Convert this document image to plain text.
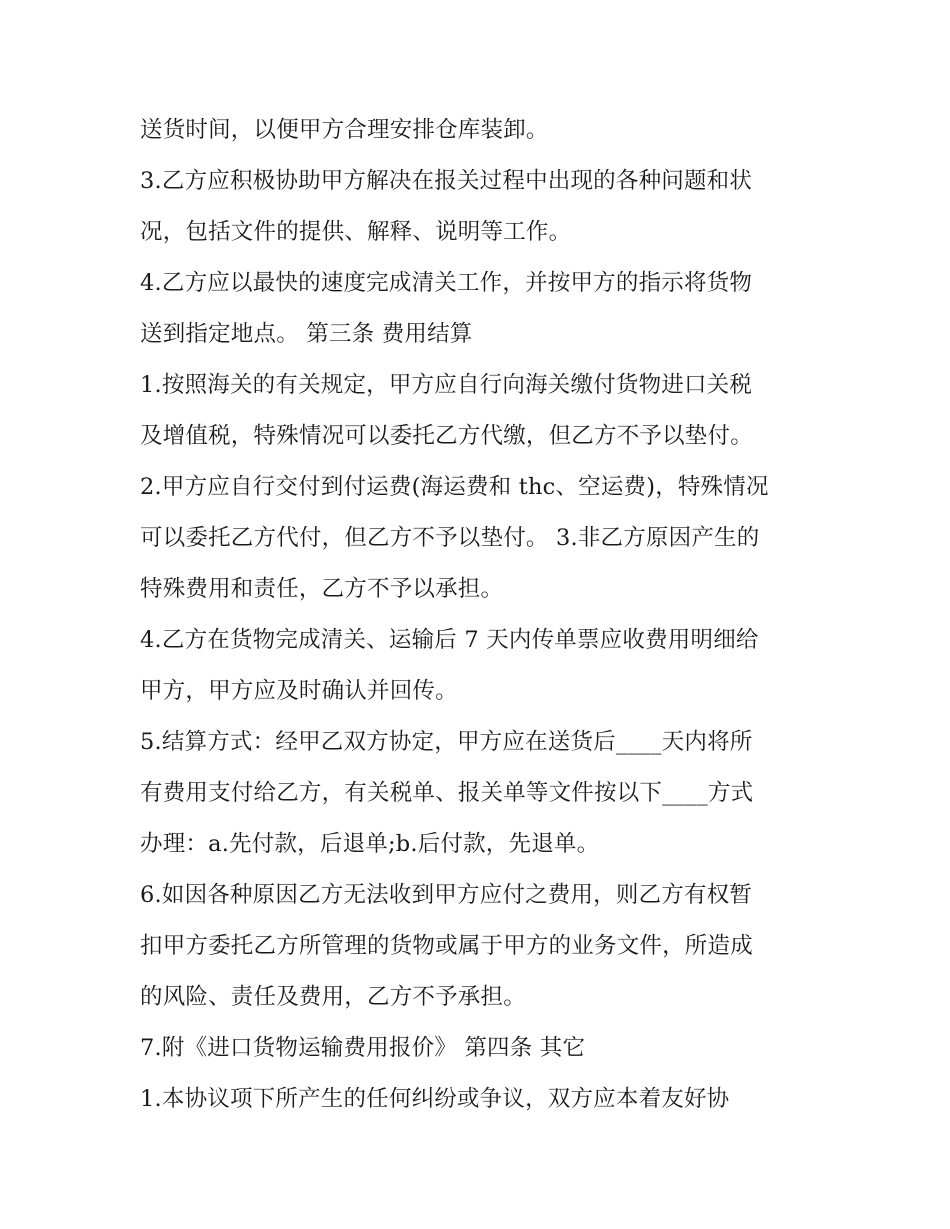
送货时间，以便甲方合理安排仓库装卸。
3.乙方应积极协助甲方解决在报关过程中出现的各种问题和状
况，包括文件的提供、解释、说明等工作。
4.乙方应以最快的速度完成清关工作，并按甲方的指示将货物
送到指定地点。 第三条 费用结算
1.按照海关的有关规定，甲方应自行向海关缴付货物进口关税
及增值税，特殊情况可以委托乙方代缴，但乙方不予以垫付。
2.甲方应自行交付到付运费(海运费和 thc、空运费)，特殊情况
可以委托乙方代付，但乙方不予以垫付。 3.非乙方原因产生的
特殊费用和责任，乙方不予以承担。
4.乙方在货物完成清关、运输后 7 天内传单票应收费用明细给
甲方，甲方应及时确认并回传。
5.结算方式：经甲乙双方协定，甲方应在送货后____天内将所
有费用支付给乙方，有关税单、报关单等文件按以下____方式
办理：a.先付款，后退单;b.后付款，先退单。
6.如因各种原因乙方无法收到甲方应付之费用，则乙方有权暂
扣甲方委托乙方所管理的货物或属于甲方的业务文件，所造成
的风险、责任及费用，乙方不予承担。
7.附《进口货物运输费用报价》 第四条 其它
1.本协议项下所产生的任何纠纷或争议，双方应本着友好协
